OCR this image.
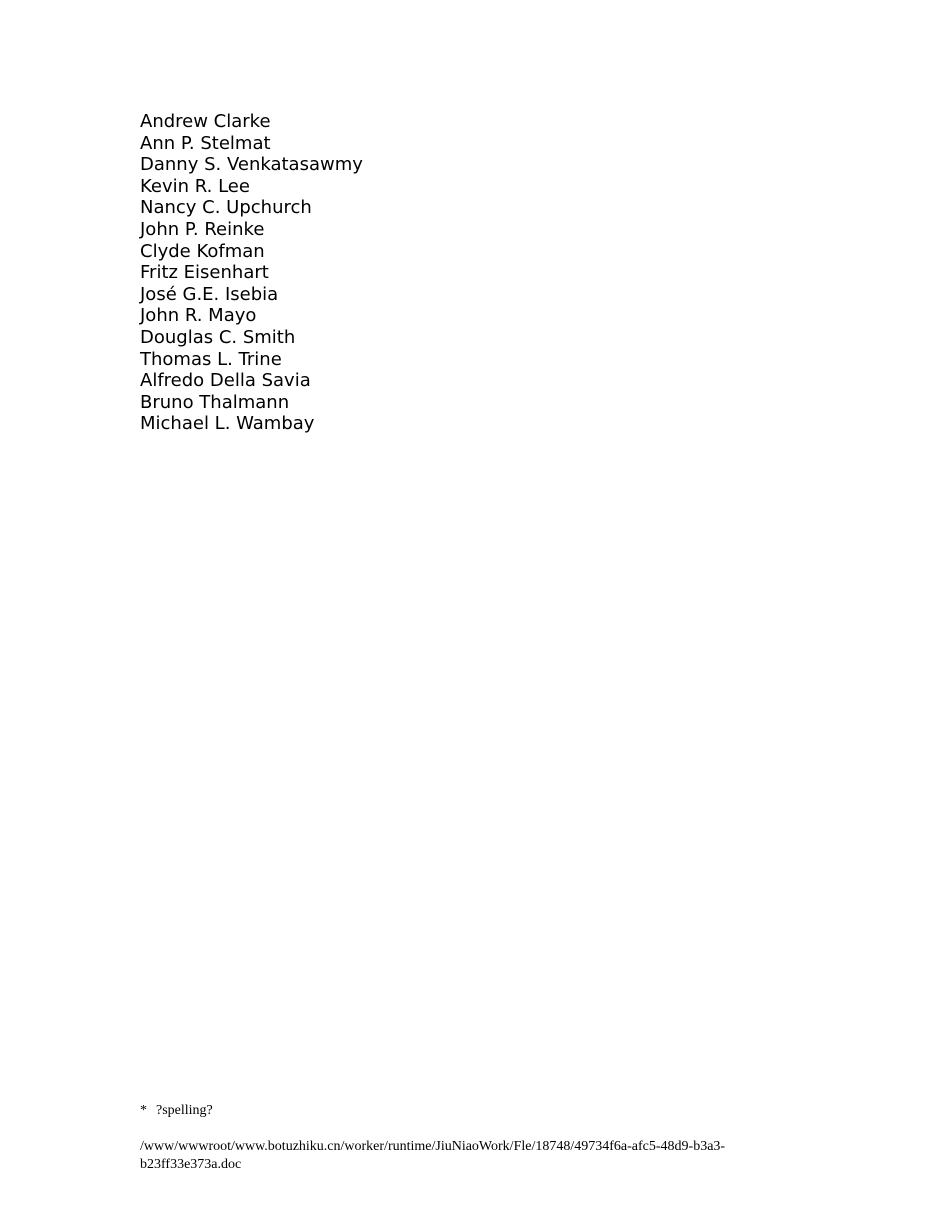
Andrew Clarke
Ann P. Stelmat
Danny S. Venkatasawmy
Kevin R. Lee
Nancy C. Upchurch
John P. Reinke
Clyde Kofman
Fritz Eisenhart
José G.E. Isebia
John R. Mayo
Douglas C. Smith
Thomas L. Trine
Alfredo Della Savia
Bruno Thalmann
Michael L. Wambay

* ?spelling?

/www/wwwroot/www.botuzhiku.cn/worker/runtime/JiuNiaoWork/Fle/18748/49734f6a-afc5-48d9-b3a3-
b23ff33e373a.doc
